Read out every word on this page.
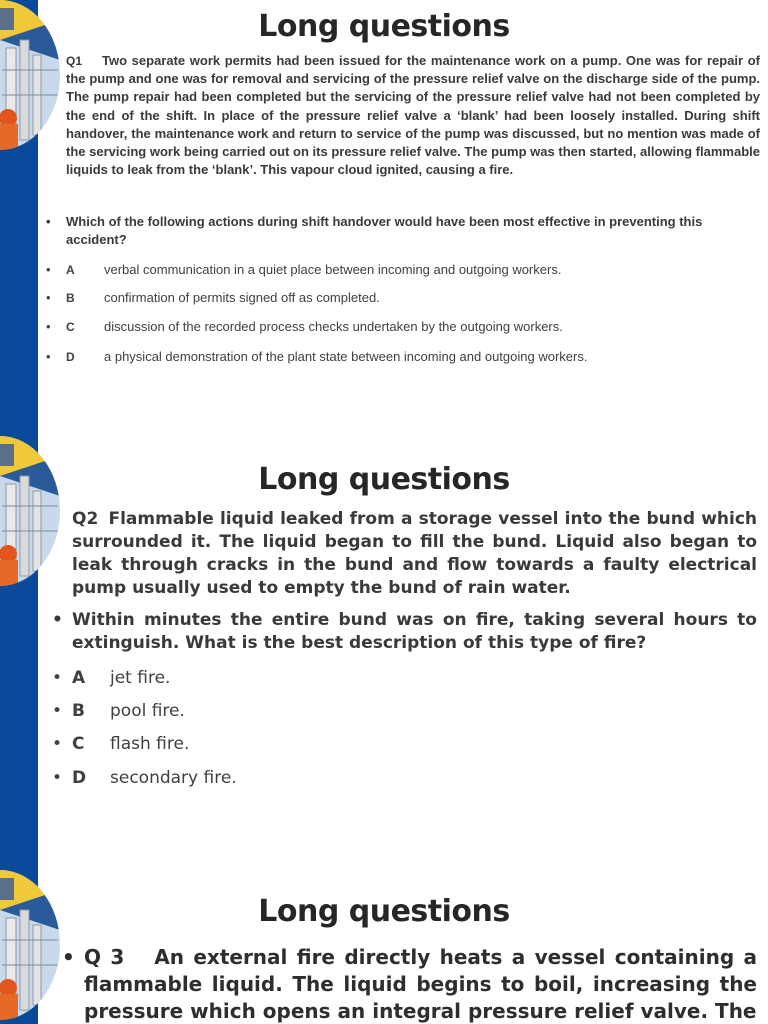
Long questions
Q1 Two separate work permits had been issued for the maintenance work on a pump. One was for repair of the pump and one was for removal and servicing of the pressure relief valve on the discharge side of the pump. The pump repair had been completed but the servicing of the pressure relief valve had not been completed by the end of the shift. In place of the pressure relief valve a ‘blank’ had been loosely installed. During shift handover, the maintenance work and return to service of the pump was discussed, but no mention was made of the servicing work being carried out on its pressure relief valve. The pump was then started, allowing flammable liquids to leak from the ‘blank’. This vapour cloud ignited, causing a fire.
•	Which of the following actions during shift handover would have been most effective in preventing this accident?
•	A	verbal communication in a quiet place between incoming and outgoing workers.
•	B	confirmation of permits signed off as completed.
•	C	discussion of the recorded process checks undertaken by the outgoing workers.
•	D	a physical demonstration of the plant state between incoming and outgoing workers.
Long questions
Q2 Flammable liquid leaked from a storage vessel into the bund which surrounded it. The liquid began to fill the bund. Liquid also began to leak through cracks in the bund and flow towards a faulty electrical pump usually used to empty the bund of rain water.
• Within minutes the entire bund was on fire, taking several hours to extinguish. What is the best description of this type of fire?
• A	jet fire.
• B	pool fire.
• C	flash fire.
• D	secondary fire.
Long questions
• Q 3 An external fire directly heats a vessel containing a flammable liquid. The liquid begins to boil, increasing the pressure which opens an integral pressure relief valve. The
